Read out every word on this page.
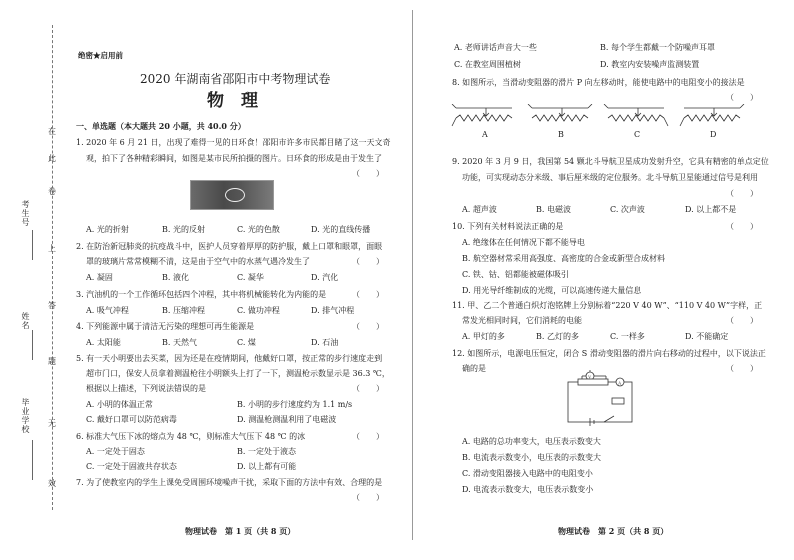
在
此
卷
上
答
题
无
效
考生号
姓名
毕业学校
绝密★启用前
2020 年湖南省邵阳市中考物理试卷
物　理
一、单选题（本大题共 20 小题，共 40.0 分）
1. 2020 年 6 月 21 日，出现了难得一见的日环食！邵阳市许多市民都目睹了这一天文奇
观，拍下了各种精彩瞬间，如图是某市民所拍摄的图片。日环食的形成是由于发生了
（　　）
A. 光的折射	B. 光的反射	C. 光的色散	D. 光的直线传播
2. 在防治新冠肺炎的抗疫战斗中，医护人员穿着厚厚的防护服，戴上口罩和眼罩，面眼
罩的玻璃片常常模糊不清，这是由于空气中的水蒸气遇冷发生了	（　　）
A. 凝固	B. 液化	C. 凝华	D. 汽化
3. 汽油机的一个工作循环包括四个冲程，其中将机械能转化为内能的是	（　　）
A. 吸气冲程	B. 压缩冲程	C. 做功冲程	D. 排气冲程
4. 下列能源中属于清洁无污染的理想可再生能源是	（　　）
A. 太阳能	B. 天然气	C. 煤	D. 石油
5. 有一天小明要出去买菜，因为还是在疫情期间，他戴好口罩，按正常的步行速度走到
超市门口，保安人员拿着测温枪往小明额头上打了一下，测温枪示数显示是 36.3 ℃，
根据以上描述，下列说法错误的是	（　　）
A. 小明的体温正常	B. 小明的步行速度约为 1.1 m/s
C. 戴好口罩可以防范病毒	D. 测温枪测温利用了电磁波
6. 标准大气压下冰的熔点为 48 ℃，则标准大气压下 48 ℃ 的冰	（　　）
A. 一定处于固态	B. 一定处于液态
C. 一定处于固液共存状态	D. 以上都有可能
7. 为了使教室内的学生上课免受周围环境噪声干扰，采取下面的方法中有效、合理的是
（　　）
物理试卷　第 1 页（共 8 页）
A. 老师讲话声音大一些	B. 每个学生都戴一个防噪声耳罩
C. 在教室周围植树	D. 教室内安装噪声监测装置
8. 如图所示，当滑动变阻器的滑片 P 向左移动时，能使电路中的电阻变小的接法是
（　　）
A	B	C	D
9. 2020 年 3 月 9 日，我国第 54 颗北斗导航卫星成功发射升空，它具有精密的单点定位
功能，可实现动态分米级、事后厘米级的定位服务。北斗导航卫星能通过信号是利用
（　　）
A. 超声波	B. 电磁波	C. 次声波	D. 以上都不是
10. 下列有关材料说法正确的是	（　　）
A. 绝缘体在任何情况下都不能导电
B. 航空器材常采用高强度、高密度的合金或新型合成材料
C. 铁、钴、铝都能被磁体吸引
D. 用光导纤维制成的光缆，可以高速传递大量信息
11. 甲、乙二个普通白炽灯泡铭牌上分别标着“220 V 40 W”、“110 V 40 W”字样，正
常发光相同时间，它们消耗的电能	（　　）
A. 甲灯的多	B. 乙灯的多	C. 一样多	D. 不能确定
12. 如图所示，电源电压恒定，闭合 S 滑动变阻器的滑片向右移动的过程中，以下说法正
确的是	（　　）
V
A
A. 电路的总功率变大，电压表示数变大
B. 电流表示数变小，电压表的示数变大
C. 滑动变阻器接入电路中的电阻变小
D. 电流表示数变大，电压表示数变小
物理试卷　第 2 页（共 8 页）
